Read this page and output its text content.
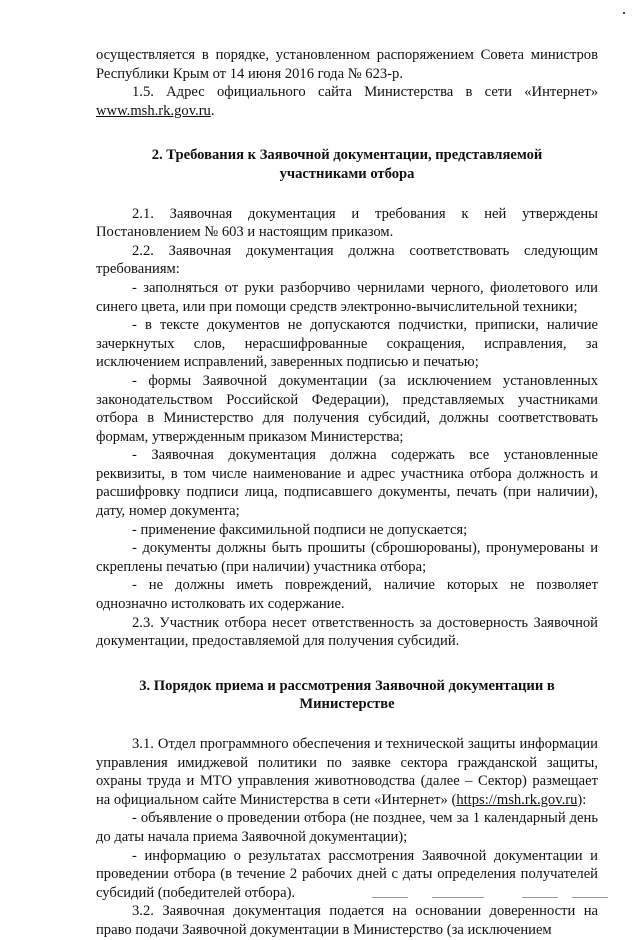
осуществляется в порядке, установленном распоряжением Совета министров Республики Крым от 14 июня 2016 года № 623-р.

1.5. Адрес официального сайта Министерства в сети «Интернет» www.msh.rk.gov.ru.

2. Требования к Заявочной документации, представляемой участниками отбора

2.1. Заявочная документация и требования к ней утверждены Постановлением № 603 и настоящим приказом.

2.2. Заявочная документация должна соответствовать следующим требованиям:

- заполняться от руки разборчиво чернилами черного, фиолетового или синего цвета, или при помощи средств электронно-вычислительной техники;

- в тексте документов не допускаются подчистки, приписки, наличие зачеркнутых слов, нерасшифрованные сокращения, исправления, за исключением исправлений, заверенных подписью и печатью;

- формы Заявочной документации (за исключением установленных законодательством Российской Федерации), представляемых участниками отбора в Министерство для получения субсидий, должны соответствовать формам, утвержденным приказом Министерства;

- Заявочная документация должна содержать все установленные реквизиты, в том числе наименование и адрес участника отбора должность и расшифровку подписи лица, подписавшего документы, печать (при наличии), дату, номер документа;

- применение факсимильной подписи не допускается;

- документы должны быть прошиты (сброшюрованы), пронумерованы и скреплены печатью (при наличии) участника отбора;

- не должны иметь повреждений, наличие которых не позволяет однозначно истолковать их содержание.

2.3. Участник отбора несет ответственность за достоверность Заявочной документации, предоставляемой для получения субсидий.

3. Порядок приема и рассмотрения Заявочной документации в Министерстве

3.1. Отдел программного обеспечения и технической защиты информации управления имиджевой политики по заявке сектора гражданской защиты, охраны труда и МТО управления животноводства (далее – Сектор) размещает на официальном сайте Министерства в сети «Интернет» (https://msh.rk.gov.ru):

- объявление о проведении отбора (не позднее, чем за 1 календарный день до даты начала приема Заявочной документации);

- информацию о результатах рассмотрения Заявочной документации и проведении отбора (в течение 2 рабочих дней с даты определения получателей субсидий (победителей отбора).

3.2. Заявочная документация подается на основании доверенности на право подачи Заявочной документации в Министерство (за исключением
